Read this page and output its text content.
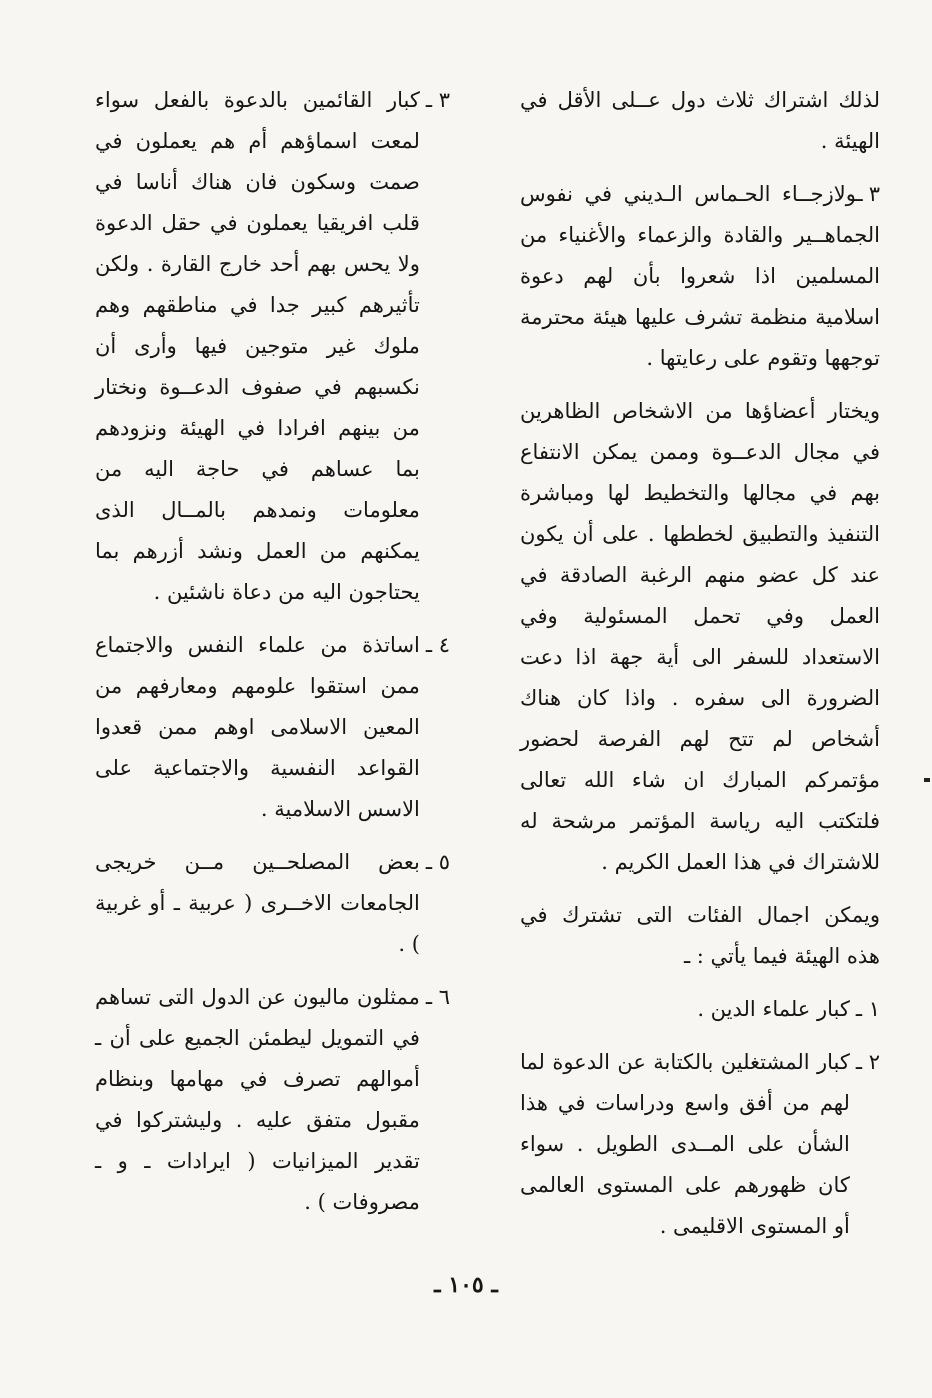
لذلك اشتراك ثلاث دول عــلى الأقل في الهيئة .

٣ـولازجــاء الحـماس الـديني في نفوس الجماهــير والقادة والزعماء والأغنياء من المسلمين اذا شعروا بأن لهم دعوة اسلامية منظمة تشرف عليها هيئة محترمة توجهها وتقوم على رعايتها .

ويختار أعضاؤها من الاشخاص الظاهرين في مجال الدعــوة وممن يمكن الانتفاع بهم في مجالها والتخطيط لها ومباشرة التنفيذ والتطبيق لخططها . على أن يكون عند كل عضو منهم الرغبة الصادقة في العمل وفي تحمل المسئولية وفي الاستعداد للسفر الى أية جهة اذا دعت الضرورة الى سفره . واذا كان هناك أشخاص لم تتح لهم الفرصة لحضور مؤتمركم المبارك ان شاء الله تعالى فلتكتب اليه رياسة المؤتمر مرشحة له للاشتراك في هذا العمل الكريم .

ويمكن اجمال الفئات التى تشترك في هذه الهيئة فيما يأتي : ـ

١ ـ
كبار علماء الدين .
٢ ـ
كبار المشتغلين بالكتابة عن الدعوة لما لهم من أفق واسع ودراسات في هذا الشأن على المــدى الطويل . سواء كان ظهورهم على المستوى العالمى أو المستوى الاقليمى .
٣ ـ
كبار القائمين بالدعوة بالفعل سواء لمعت اسماؤهم أم هم يعملون في صمت وسكون فان هناك أناسا في قلب افريقيا يعملون في حقل الدعوة ولا يحس بهم أحد خارج القارة . ولكن تأثيرهم كبير جدا في مناطقهم وهم ملوك غير متوجين فيها وأرى أن نكسبهم في صفوف الدعــوة ونختار من بينهم افرادا في الهيئة ونزودهم بما عساهم في حاجة اليه من معلومات ونمدهم بالمــال الذى يمكنهم من العمل ونشد أزرهم بما يحتاجون اليه من دعاة ناشئين .
٤ ـ
اساتذة من علماء النفس والاجتماع ممن استقوا علومهم ومعارفهم من المعين الاسلامى اوهم ممن قعدوا القواعد النفسية والاجتماعية على الاسس الاسلامية .
٥ ـ
بعض المصلحــين مــن خريجى الجامعات الاخــرى ( عربية ـ أو غربية ) .
٦ ـ
ممثلون ماليون عن الدول التى تساهم في التمويل ليطمئن الجميع على أن ـ أموالهم تصرف في مهامها وبنظام مقبول متفق عليه . وليشتركوا في تقدير الميزانيات ( ايرادات ـ و ـ مصروفات ) .
ـ ١٠٥ ـ
